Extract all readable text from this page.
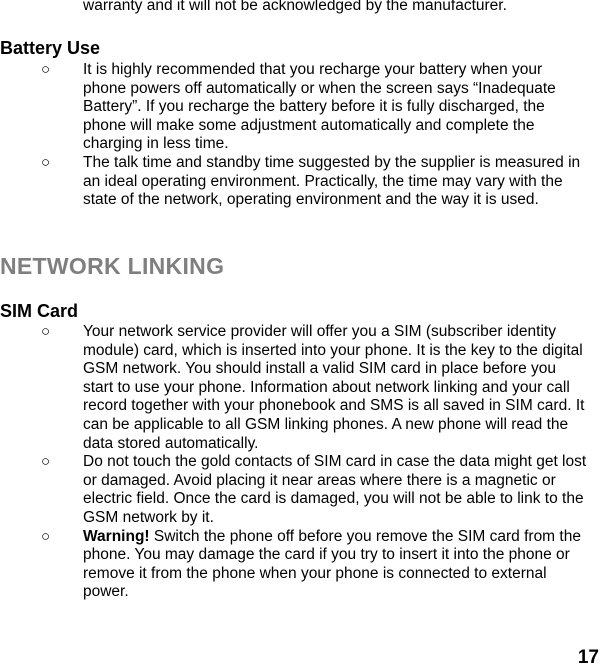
warranty and it will not be acknowledged by the manufacturer.
Battery Use
○ It is highly recommended that you recharge your battery when your phone powers off automatically or when the screen says “Inadequate Battery”. If you recharge the battery before it is fully discharged, the phone will make some adjustment automatically and complete the charging in less time.
○ The talk time and standby time suggested by the supplier is measured in an ideal operating environment. Practically, the time may vary with the state of the network, operating environment and the way it is used.
NETWORK LINKING
SIM Card
○ Your network service provider will offer you a SIM (subscriber identity module) card, which is inserted into your phone. It is the key to the digital GSM network. You should install a valid SIM card in place before you start to use your phone. Information about network linking and your call record together with your phonebook and SMS is all saved in SIM card. It can be applicable to all GSM linking phones. A new phone will read the data stored automatically.
○ Do not touch the gold contacts of SIM card in case the data might get lost or damaged. Avoid placing it near areas where there is a magnetic or electric field. Once the card is damaged, you will not be able to link to the GSM network by it.
○ Warning! Switch the phone off before you remove the SIM card from the phone. You may damage the card if you try to insert it into the phone or remove it from the phone when your phone is connected to external power.
17
